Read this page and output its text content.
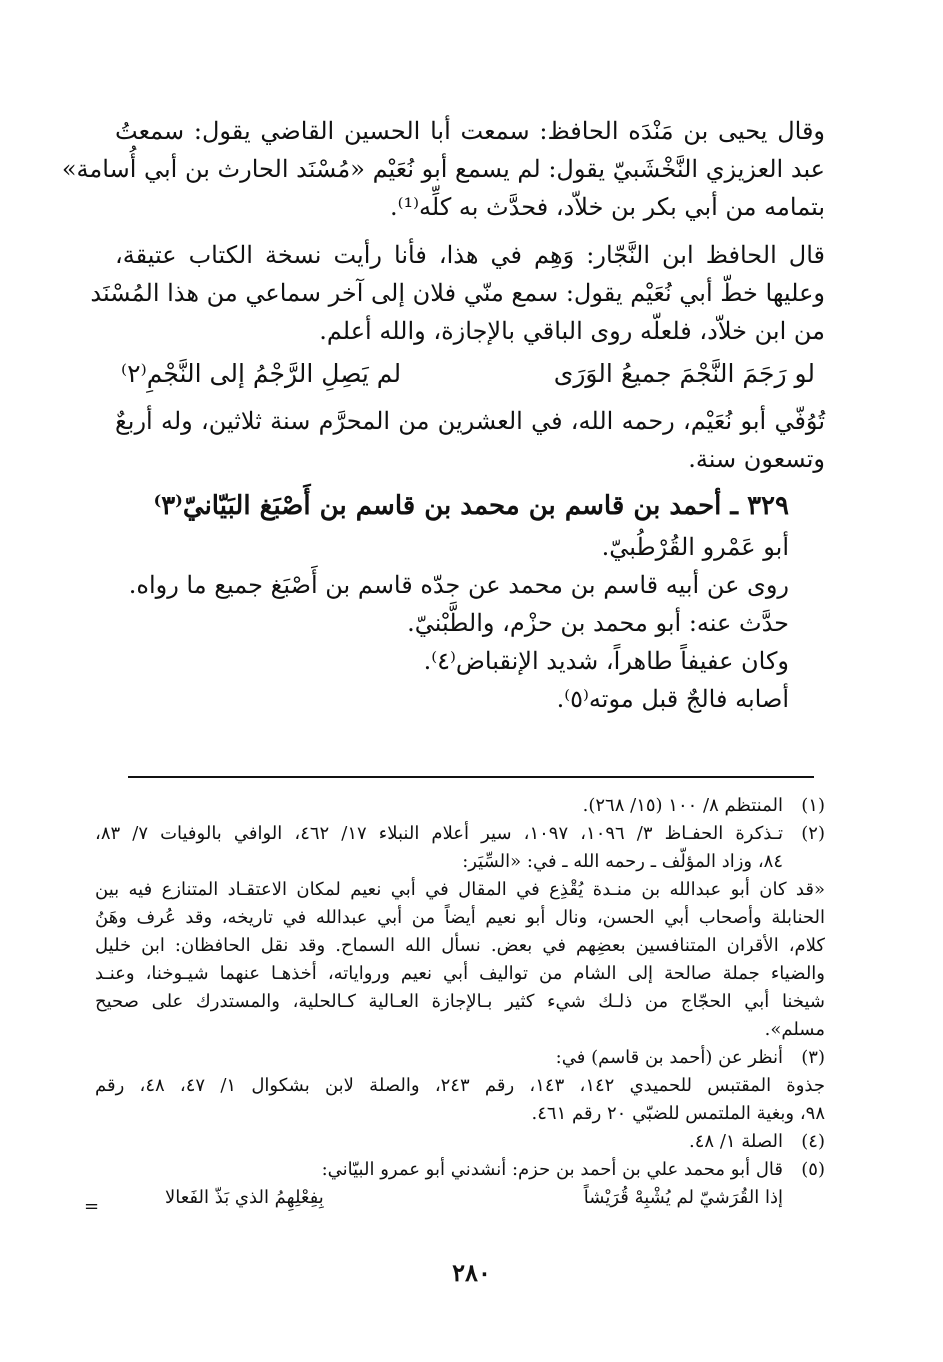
وقال يحيى بن مَنْدَه الحافظ: سمعت أبا الحسين القاضي يقول: سمعتُ
عبد العزيزي النَّخْشَبيّ يقول: لم يسمع أبو نُعَيْم «مُسْنَد الحارث بن أبي أُسامة»
بتمامه من أبي بكر بن خلاّد، فحدَّث به كلِّه⁽¹⁾.
قال الحافظ ابن النَّجّار: وَهِم في هذا، فأنا رأيت نسخة الكتاب عتيقة،
وعليها خطّ أبي نُعَيْم يقول: سمع منّي فلان إلى آخر سماعي من هذا المُسْنَد
من ابن خلاّد، فلعلّه روى الباقي بالإجازة، والله أعلم.
لو رَجَمَ النَّجْمَ جميعُ الوَرَى
لم يَصِلِ الرَّجْمُ إلى النَّجْمِ⁽٢⁾
تُوُفّي أبو نُعَيْم، رحمه الله، في العشرين من المحرَّم سنة ثلاثين، وله أربعٌ
وتسعون سنة.
٣٢٩ ـ أحمد بن قاسم بن محمد بن قاسم بن أَصْبَغ البَيّانيّ⁽٣⁾
أبو عَمْرو القُرْطُبيّ.
روى عن أبيه قاسم بن محمد عن جدّه قاسم بن أَصْبَغ جميع ما رواه.
حدَّث عنه: أبو محمد بن حزْم، والطَّبْنيّ.
وكان عفيفاً طاهراً، شديد الإنقباض⁽٤⁾.
أصابه فالجٌ قبل موته⁽٥⁾.
(١)
المنتظم ٨/ ١٠٠ (١٥/ ٢٦٨).
(٢)
تـذكرة الحفـاظ ٣/ ١٠٩٦، ١٠٩٧، سير أعلام النبلاء ١٧/ ٤٦٢، الوافي بالوفيات ٧/ ٨٣،
٨٤، وزاد المؤلّف ـ رحمه الله ـ في: «السِّيَر:
«قد كان أبو عبدالله بن منـدة يُقْذِع في المقال في أبي نعيم لمكان الاعتقـاد المتنازع فيه بين
الحنابلة وأصحاب أبي الحسن، ونال أبو نعيم أيضاً من أبي عبدالله في تاريخه، وقد عُرف وهَنُ
كلام، الأقران المتنافسين بعضِهم في بعض. نسأل الله السماح. وقد نقل الحافظان: ابن خليل
والضياء جملة صالحة إلى الشام من تواليف أبي نعيم ورواياته، أخذهـا عنهما شيـوخنا، وعنـد
شيخنا أبي الحجّاج من ذلـك شيء كثير بـالإجازة العـالية كـالحلية، والمستدرك على صحيح
مسلم».
(٣)
أنظر عن (أحمد بن قاسم) في:
جذوة المقتبس للحميدي ١٤٢، ١٤٣، رقم ٢٤٣، والصلة لابن بشكوال ١/ ٤٧، ٤٨، رقم
٩٨، وبغية الملتمس للضبّي ٢٠ رقم ٤٦١.
(٤)
الصلة ١/ ٤٨.
(٥)
قال أبو محمد علي بن أحمد بن حزم: أنشدني أبو عمرو البيّاني:
إذا القُرَشيّ لم يُشْبِهْ قُرَيْشاً
بِفِعْلِهِمُ الذي بَذّ الفَعالا
=
٢٨٠
